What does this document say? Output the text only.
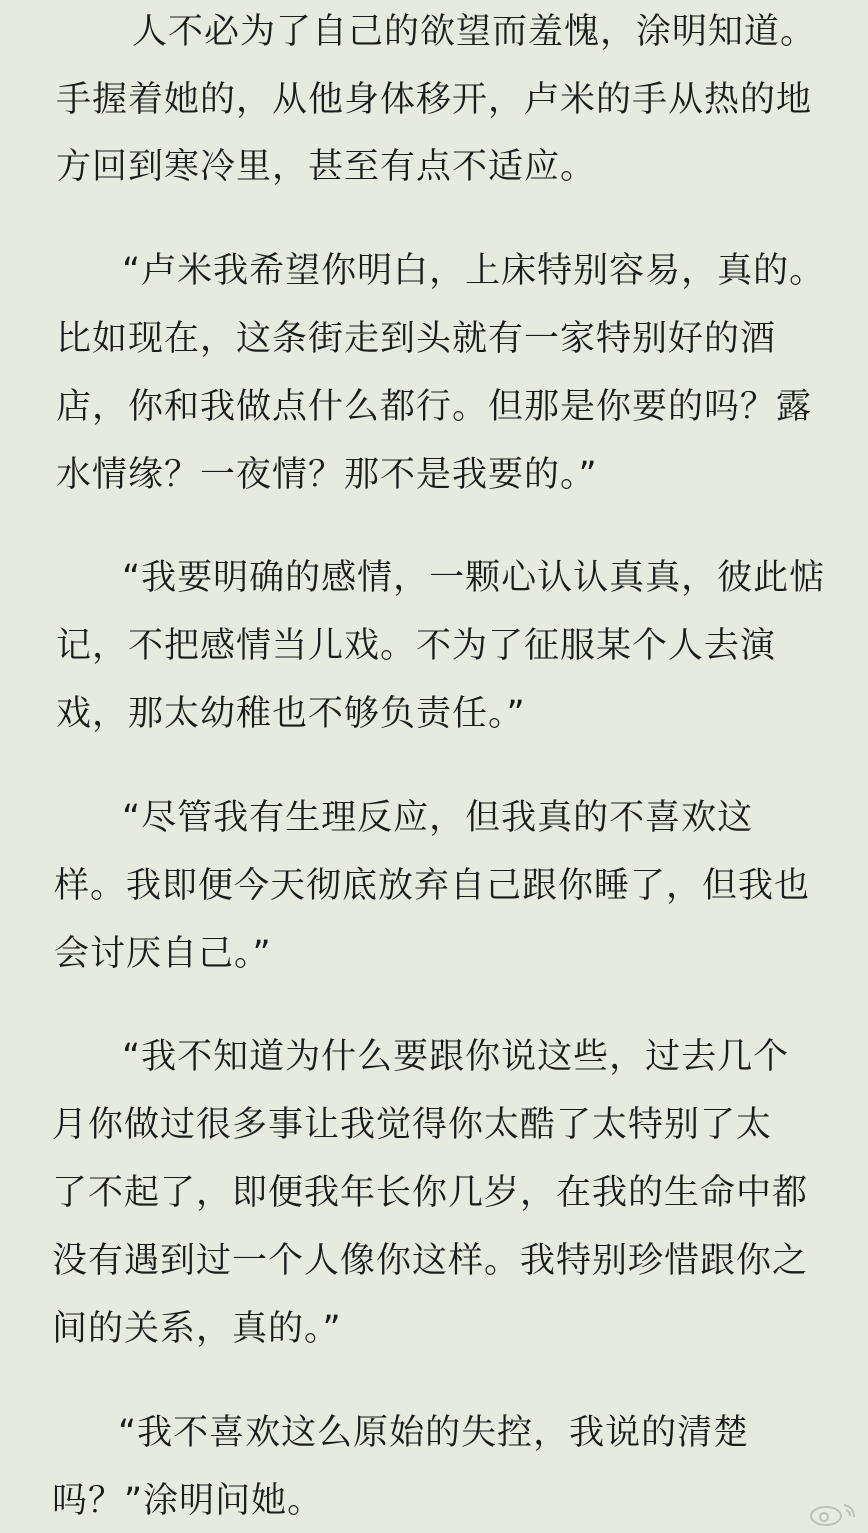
人不必为了自己的欲望而羞愧，涂明知道。
手握着她的，从他身体移开，卢米的手从热的地
方回到寒冷里，甚至有点不适应。
“卢米我希望你明白，上床特别容易，真的。
比如现在，这条街走到头就有一家特别好的酒
店，你和我做点什么都行。但那是你要的吗？露
水情缘？一夜情？那不是我要的。”
“我要明确的感情，一颗心认认真真，彼此惦
记，不把感情当儿戏。不为了征服某个人去演
戏，那太幼稚也不够负责任。”
“尽管我有生理反应，但我真的不喜欢这
样。我即便今天彻底放弃自己跟你睡了，但我也
会讨厌自己。”
“我不知道为什么要跟你说这些，过去几个
月你做过很多事让我觉得你太酷了太特别了太
了不起了，即便我年长你几岁，在我的生命中都
没有遇到过一个人像你这样。我特别珍惜跟你之
间的关系，真的。”
“我不喜欢这么原始的失控，我说的清楚
吗？”涂明问她。
